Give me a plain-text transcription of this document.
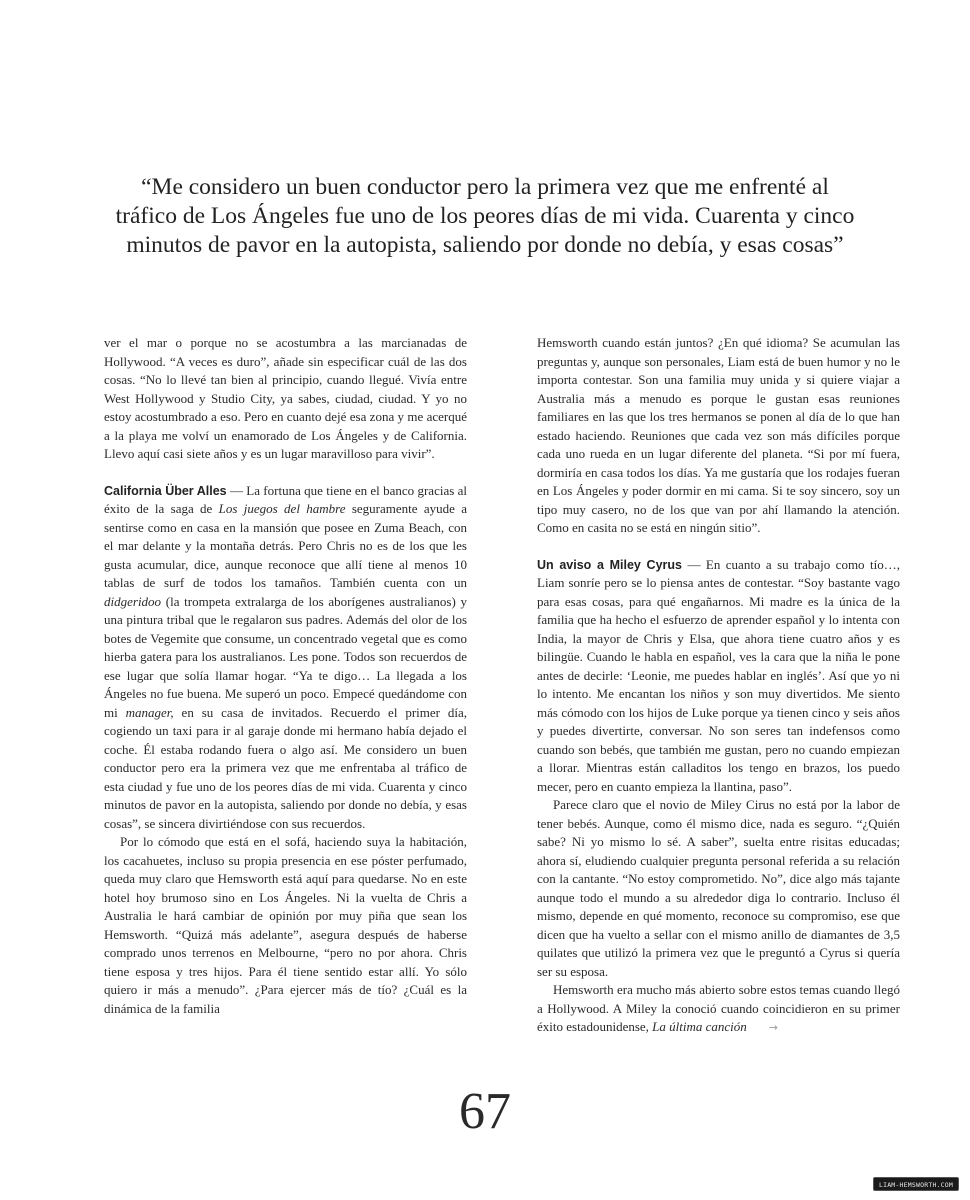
“Me considero un buen conductor pero la primera vez que me enfrenté al tráfico de Los Ángeles fue uno de los peores días de mi vida. Cuarenta y cinco minutos de pavor en la autopista, saliendo por donde no debía, y esas cosas”

ver el mar o porque no se acostumbra a las marcianadas de Hollywood. “A veces es duro”, añade sin especificar cuál de las dos cosas. “No lo llevé tan bien al principio, cuando llegué. Vivía entre West Hollywood y Studio City, ya sabes, ciudad, ciudad. Y yo no estoy acostumbrado a eso. Pero en cuanto dejé esa zona y me acerqué a la playa me volví un enamorado de Los Ángeles y de California. Llevo aquí casi siete años y es un lugar maravilloso para vivir”.

California Über Alles — La fortuna que tiene en el banco gracias al éxito de la saga de Los juegos del hambre seguramente ayude a sentirse como en casa en la mansión que posee en Zuma Beach, con el mar delante y la montaña detrás. Pero Chris no es de los que les gusta acumular, dice, aunque reconoce que allí tiene al menos 10 tablas de surf de todos los tamaños. También cuenta con un didgeridoo (la trompeta extralarga de los aborígenes australianos) y una pintura tribal que le regalaron sus padres. Además del olor de los botes de Vegemite que consume, un concentrado vegetal que es como hierba gatera para los australianos. Les pone. Todos son recuerdos de ese lugar que solía llamar hogar. “Ya te digo… La llegada a los Ángeles no fue buena. Me superó un poco. Empecé quedándome con mi manager, en su casa de invitados. Recuerdo el primer día, cogiendo un taxi para ir al garaje donde mi hermano había dejado el coche. Él estaba rodando fuera o algo así. Me considero un buen conductor pero era la primera vez que me enfrentaba al tráfico de esta ciudad y fue uno de los peores días de mi vida. Cuarenta y cinco minutos de pavor en la autopista, saliendo por donde no debía, y esas cosas”, se sincera divirtiéndose con sus recuerdos.

Por lo cómodo que está en el sofá, haciendo suya la habitación, los cacahuetes, incluso su propia presencia en ese póster perfumado, queda muy claro que Hemsworth está aquí para quedarse. No en este hotel hoy brumoso sino en Los Ángeles. Ni la vuelta de Chris a Australia le hará cambiar de opinión por muy piña que sean los Hemsworth. “Quizá más adelante”, asegura después de haberse comprado unos terrenos en Melbourne, “pero no por ahora. Chris tiene esposa y tres hijos. Para él tiene sentido estar allí. Yo sólo quiero ir más a menudo”. ¿Para ejercer más de tío? ¿Cuál es la dinámica de la familia

Hemsworth cuando están juntos? ¿En qué idioma? Se acumulan las preguntas y, aunque son personales, Liam está de buen humor y no le importa contestar. Son una familia muy unida y si quiere viajar a Australia más a menudo es porque le gustan esas reuniones familiares en las que los tres hermanos se ponen al día de lo que han estado haciendo. Reuniones que cada vez son más difíciles porque cada uno rueda en un lugar diferente del planeta. “Si por mí fuera, dormiría en casa todos los días. Ya me gustaría que los rodajes fueran en Los Ángeles y poder dormir en mi cama. Si te soy sincero, soy un tipo muy casero, no de los que van por ahí llamando la atención. Como en casita no se está en ningún sitio”.

Un aviso a Miley Cyrus — En cuanto a su trabajo como tío…, Liam sonríe pero se lo piensa antes de contestar. “Soy bastante vago para esas cosas, para qué engañarnos. Mi madre es la única de la familia que ha hecho el esfuerzo de aprender español y lo intenta con India, la mayor de Chris y Elsa, que ahora tiene cuatro años y es bilingüe. Cuando le habla en español, ves la cara que la niña le pone antes de decirle: ‘Leonie, me puedes hablar en inglés’. Así que yo ni lo intento. Me encantan los niños y son muy divertidos. Me siento más cómodo con los hijos de Luke porque ya tienen cinco y seis años y puedes divertirte, conversar. No son seres tan indefensos como cuando son bebés, que también me gustan, pero no cuando empiezan a llorar. Mientras están calladitos los tengo en brazos, los puedo mecer, pero en cuanto empieza la llantina, paso”.

Parece claro que el novio de Miley Cirus no está por la labor de tener bebés. Aunque, como él mismo dice, nada es seguro. “¿Quién sabe? Ni yo mismo lo sé. A saber”, suelta entre risitas educadas; ahora sí, eludiendo cualquier pregunta personal referida a su relación con la cantante. “No estoy comprometido. No”, dice algo más tajante aunque todo el mundo a su alrededor diga lo contrario. Incluso él mismo, depende en qué momento, reconoce su compromiso, ese que dicen que ha vuelto a sellar con el mismo anillo de diamantes de 3,5 quilates que utilizó la primera vez que le preguntó a Cyrus si quería ser su esposa.

Hemsworth era mucho más abierto sobre estos temas cuando llegó a Hollywood. A Miley la conoció cuando coincidieron en su primer éxito estadounidense, La última canción →

67
LIAM-HEMSWORTH.COM
